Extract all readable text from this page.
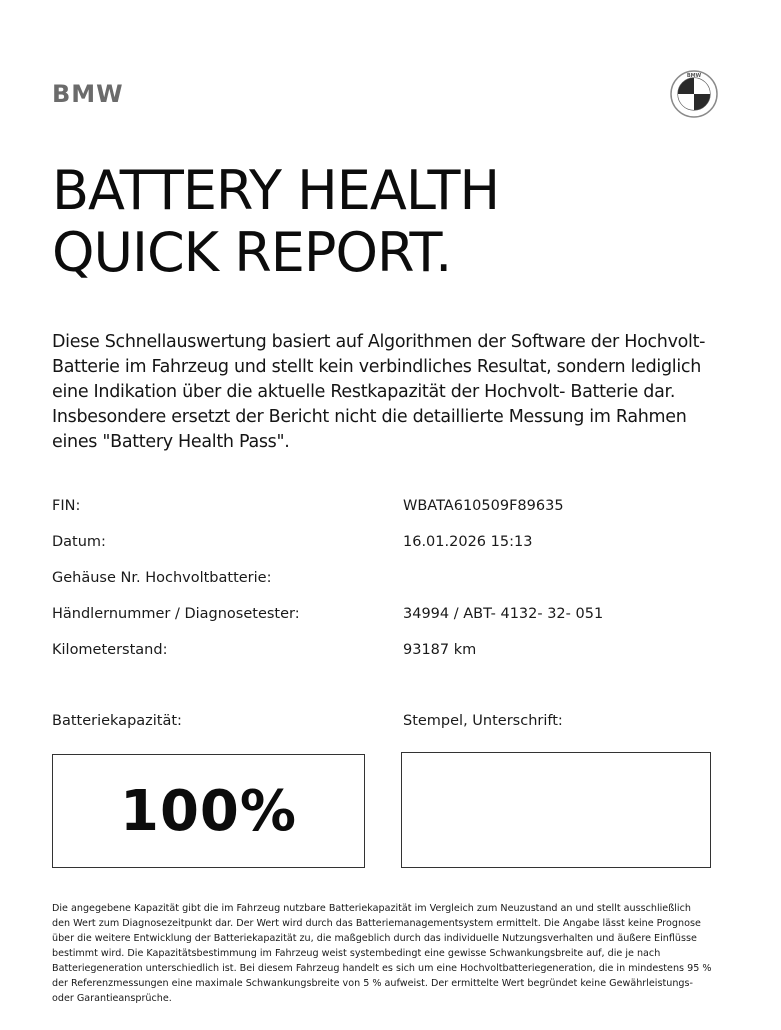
BMW
BMW
BATTERY HEALTH
QUICK REPORT.

Diese Schnellauswertung basiert auf Algorithmen der Software der Hochvolt- Batterie im Fahrzeug und stellt kein verbindliches Resultat, sondern lediglich eine Indikation über die aktuelle Restkapazität der Hochvolt- Batterie dar. Insbesondere ersetzt der Bericht nicht die detaillierte Messung im Rahmen eines "Battery Health Pass".

FIN:	WBATA610509F89635
Datum:	16.01.2026 15:13
Gehäuse Nr. Hochvoltbatterie:
Händlernummer / Diagnosetester:	34994 / ABT- 4132- 32- 051
Kilometerstand:	93187 km
Batteriekapazität:	Stempel, Unterschrift:
100%

Die angegebene Kapazität gibt die im Fahrzeug nutzbare Batteriekapazität im Vergleich zum Neuzustand an und stellt ausschließlich den Wert zum Diagnosezeitpunkt dar. Der Wert wird durch das Batteriemanagementsystem ermittelt. Die Angabe lässt keine Prognose über die weitere Entwicklung der Batteriekapazität zu, die maßgeblich durch das individuelle Nutzungsverhalten und äußere Einflüsse bestimmt wird. Die Kapazitätsbestimmung im Fahrzeug weist systembedingt eine gewisse Schwankungsbreite auf, die je nach Batteriegeneration unterschiedlich ist. Bei diesem Fahrzeug handelt es sich um eine Hochvoltbatteriegeneration, die in mindestens 95 % der Referenzmessungen eine maximale Schwankungsbreite von 5 % aufweist. Der ermittelte Wert begründet keine Gewährleistungs- oder Garantieansprüche.
